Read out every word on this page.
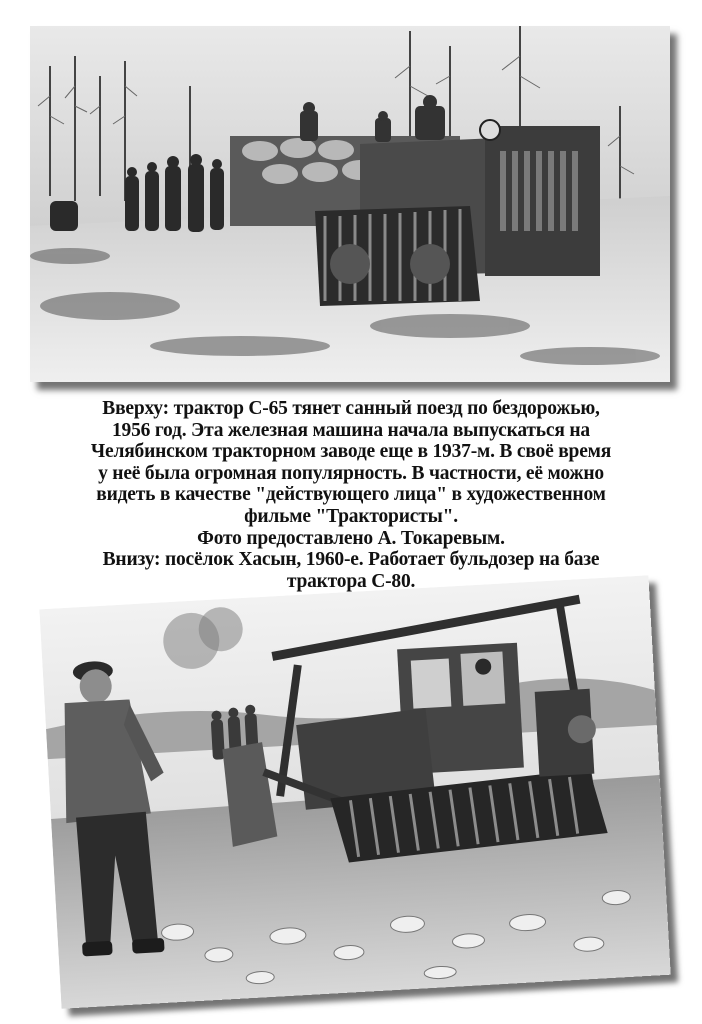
Вверху: трактор С-65 тянет санный поезд по бездорожью,
1956 год. Эта железная машина начала выпускаться на
Челябинском тракторном заводе еще в 1937-м. В своё время
у неё была огромная популярность. В частности, её можно
видеть в качестве "действующего лица" в художественном
фильме "Трактористы".
Фото предоставлено А. Токаревым.
Внизу: посёлок Хасын, 1960-е. Работает бульдозер на базе
трактора С-80.
